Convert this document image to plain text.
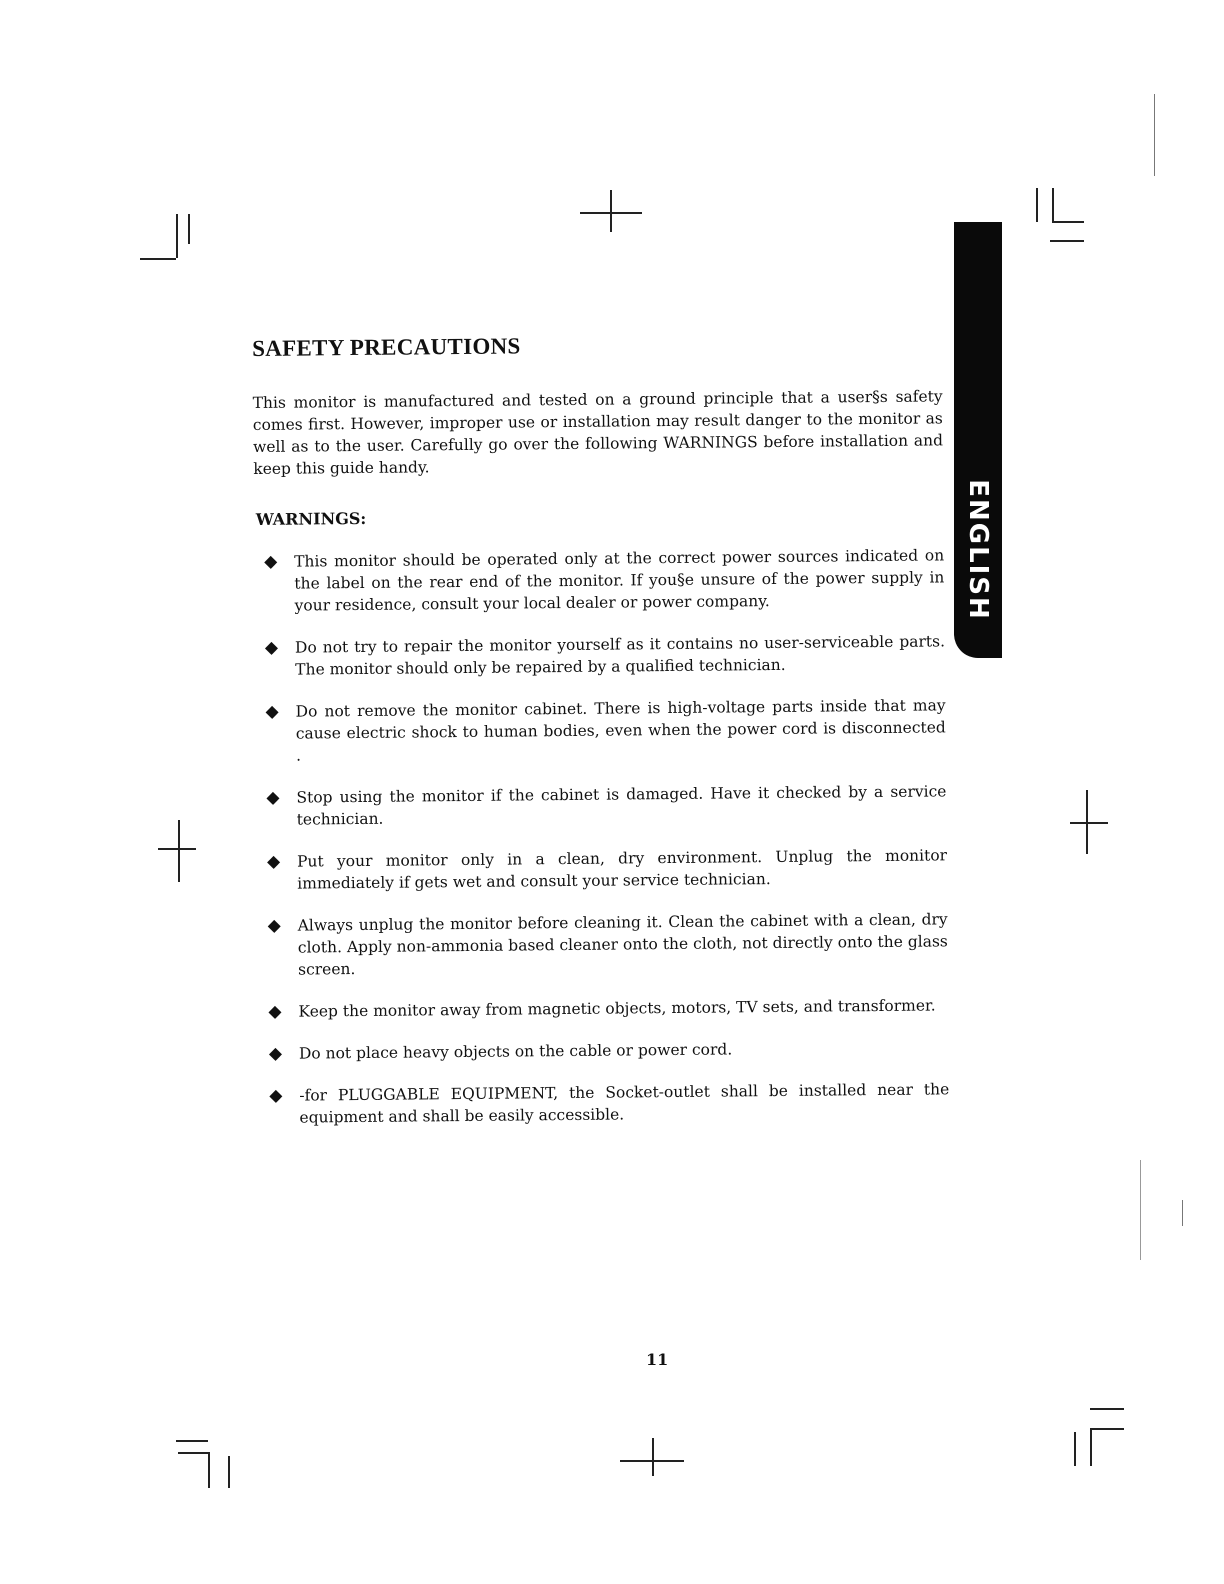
ENGLISH
SAFETY PRECAUTIONS

This monitor is manufactured and tested on a ground principle that a user§s safety comes first. However, improper use or installation may result danger to the monitor as well as to the user. Carefully go over the following WARNINGS before installation and keep this guide handy.

WARNINGS:
◆ This monitor should be operated only at the correct power sources indicated on the label on the rear end of the monitor. If you§e unsure of the power supply in your residence, consult your local dealer or power company.
◆ Do not try to repair the monitor yourself as it contains no user-serviceable parts. The monitor should only be repaired by a qualified technician.
◆ Do not remove the monitor cabinet. There is high-voltage parts inside that may cause electric shock to human bodies, even when the power cord is disconnected .
◆ Stop using the monitor if the cabinet is damaged. Have it checked by a service technician.
◆ Put your monitor only in a clean, dry environment. Unplug the monitor immediately if gets wet and consult your service technician.
◆ Always unplug the monitor before cleaning it. Clean the cabinet with a clean, dry cloth. Apply non-ammonia based cleaner onto the cloth, not directly onto the glass screen.
◆ Keep the monitor away from magnetic objects, motors, TV sets, and transformer.
◆ Do not place heavy objects on the cable or power cord.
◆ -for PLUGGABLE EQUIPMENT, the Socket-outlet shall be installed near the equipment and shall be easily accessible.
11
